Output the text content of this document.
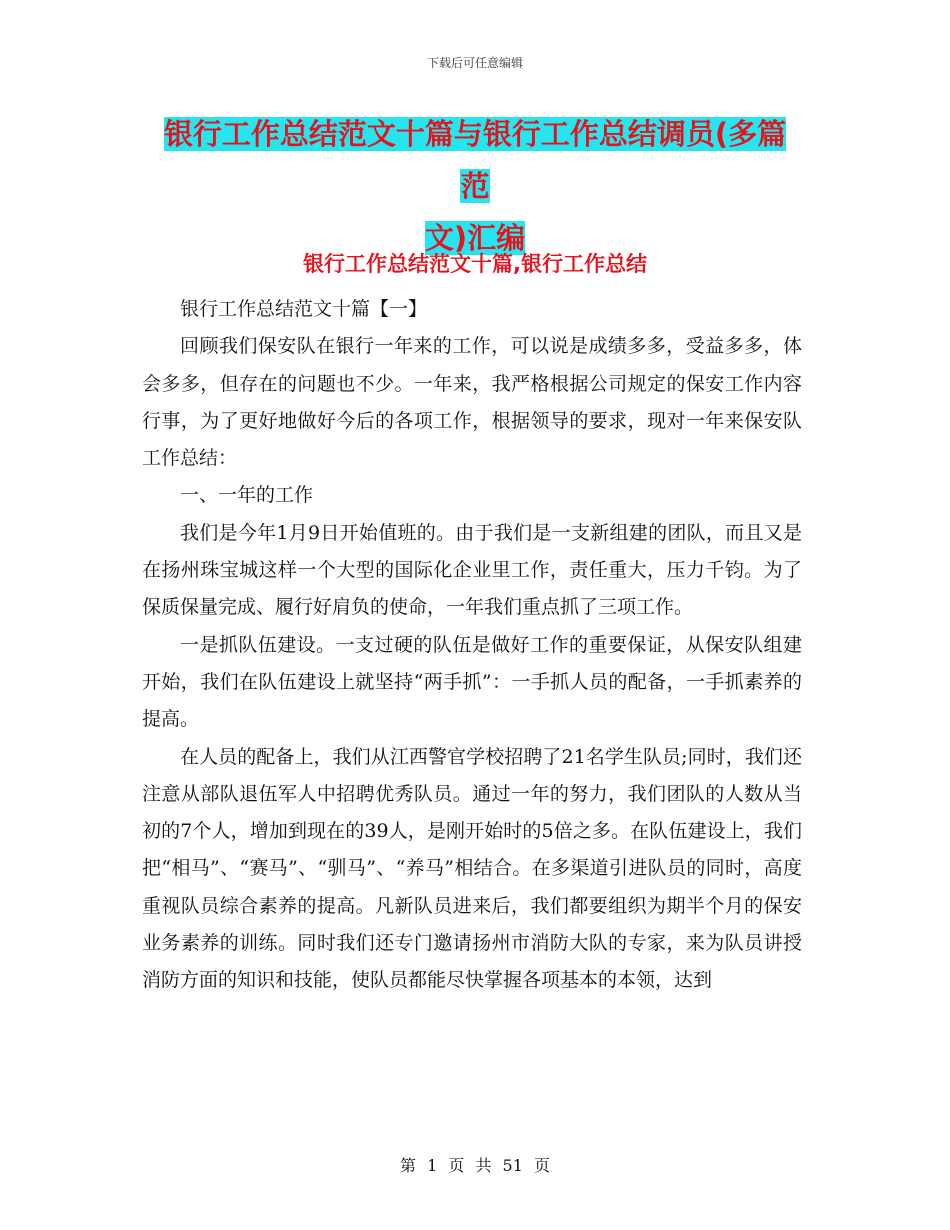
下载后可任意编辑
银行工作总结范文十篇与银行工作总结调员(多篇范
文)汇编
银行工作总结范文十篇,银行工作总结

银行工作总结范文十篇【一】

回顾我们保安队在银行一年来的工作，可以说是成绩多多，受益多多，体会多多，但存在的问题也不少。一年来，我严格根据公司规定的保安工作内容行事，为了更好地做好今后的各项工作，根据领导的要求，现对一年来保安队工作总结：

一、一年的工作

我们是今年1月9日开始值班的。由于我们是一支新组建的团队，而且又是在扬州珠宝城这样一个大型的国际化企业里工作，责任重大，压力千钧。为了保质保量完成、履行好肩负的使命，一年我们重点抓了三项工作。

一是抓队伍建设。一支过硬的队伍是做好工作的重要保证，从保安队组建开始，我们在队伍建设上就坚持“两手抓”：一手抓人员的配备，一手抓素养的提高。

在人员的配备上，我们从江西警官学校招聘了21名学生队员;同时，我们还注意从部队退伍军人中招聘优秀队员。通过一年的努力，我们团队的人数从当初的7个人，增加到现在的39人，是刚开始时的5倍之多。在队伍建设上，我们把“相马”、“赛马”、“驯马”、“养马”相结合。在多渠道引进队员的同时，高度重视队员综合素养的提高。凡新队员进来后，我们都要组织为期半个月的保安业务素养的训练。同时我们还专门邀请扬州市消防大队的专家，来为队员讲授消防方面的知识和技能，使队员都能尽快掌握各项基本的本领，达到

第 1 页 共 51 页
